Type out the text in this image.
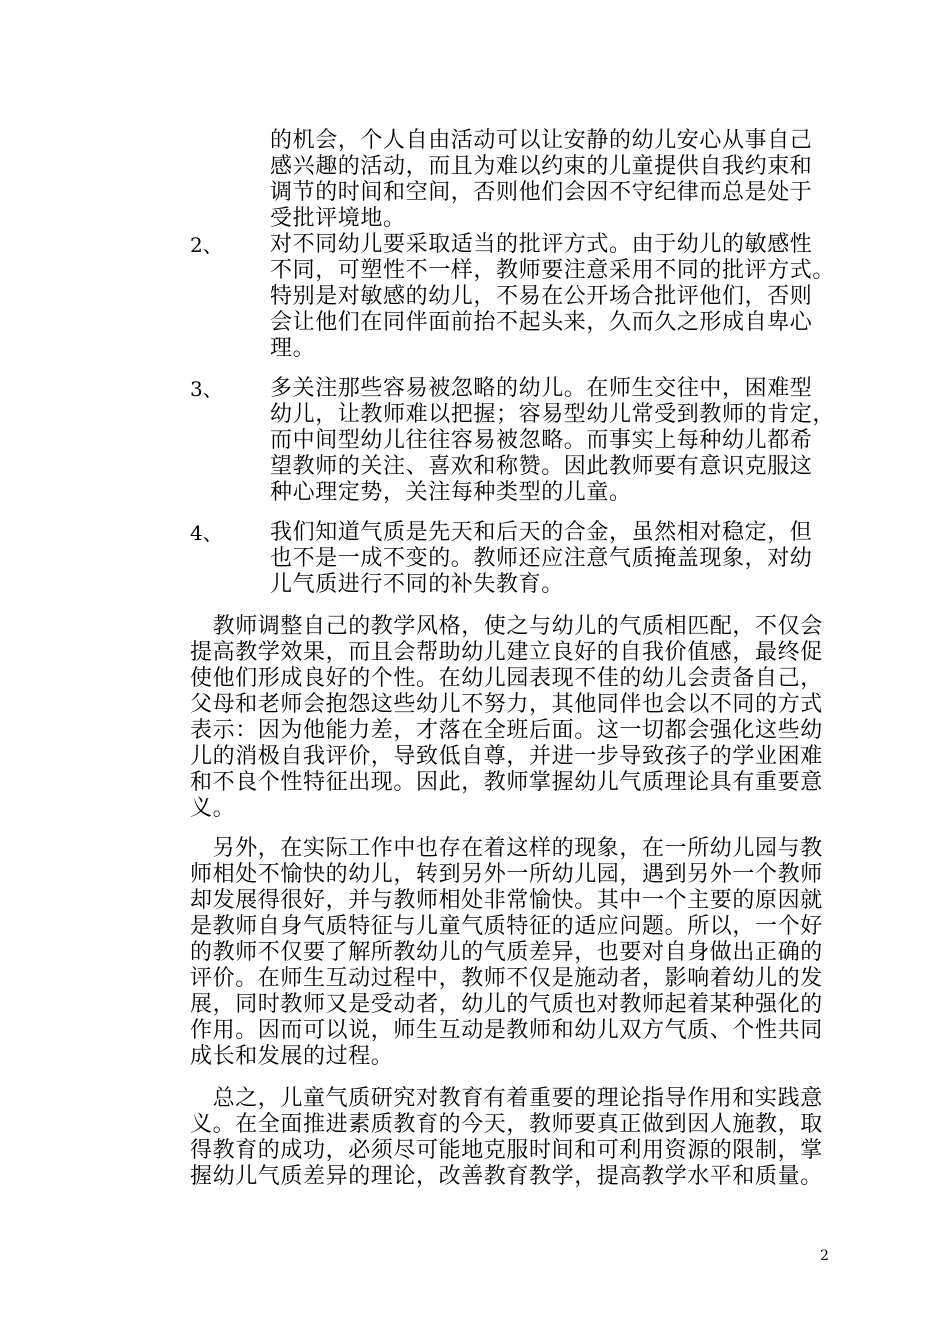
的机会，个人自由活动可以让安静的幼儿安心从事自己
感兴趣的活动，而且为难以约束的儿童提供自我约束和
调节的时间和空间，否则他们会因不守纪律而总是处于
受批评境地。
2、 对不同幼儿要采取适当的批评方式。由于幼儿的敏感性
不同，可塑性不一样，教师要注意采用不同的批评方式。
特别是对敏感的幼儿，不易在公开场合批评他们，否则
会让他们在同伴面前抬不起头来，久而久之形成自卑心
理。
3、 多关注那些容易被忽略的幼儿。在师生交往中，困难型
幼儿，让教师难以把握；容易型幼儿常受到教师的肯定，
而中间型幼儿往往容易被忽略。而事实上每种幼儿都希
望教师的关注、喜欢和称赞。因此教师要有意识克服这
种心理定势，关注每种类型的儿童。
4、 我们知道气质是先天和后天的合金，虽然相对稳定，但
也不是一成不变的。教师还应注意气质掩盖现象，对幼
儿气质进行不同的补失教育。
　教师调整自己的教学风格，使之与幼儿的气质相匹配，不仅会
提高教学效果，而且会帮助幼儿建立良好的自我价值感，最终促
使他们形成良好的个性。在幼儿园表现不佳的幼儿会责备自己，
父母和老师会抱怨这些幼儿不努力，其他同伴也会以不同的方式
表示：因为他能力差，才落在全班后面。这一切都会强化这些幼
儿的消极自我评价，导致低自尊，并进一步导致孩子的学业困难
和不良个性特征出现。因此，教师掌握幼儿气质理论具有重要意
义。
　另外，在实际工作中也存在着这样的现象，在一所幼儿园与教
师相处不愉快的幼儿，转到另外一所幼儿园，遇到另外一个教师
却发展得很好，并与教师相处非常愉快。其中一个主要的原因就
是教师自身气质特征与儿童气质特征的适应问题。所以，一个好
的教师不仅要了解所教幼儿的气质差异，也要对自身做出正确的
评价。在师生互动过程中，教师不仅是施动者，影响着幼儿的发
展，同时教师又是受动者，幼儿的气质也对教师起着某种强化的
作用。因而可以说，师生互动是教师和幼儿双方气质、个性共同
成长和发展的过程。
　总之，儿童气质研究对教育有着重要的理论指导作用和实践意
义。在全面推进素质教育的今天，教师要真正做到因人施教，取
得教育的成功，必须尽可能地克服时间和可利用资源的限制，掌
握幼儿气质差异的理论，改善教育教学，提高教学水平和质量。
2
